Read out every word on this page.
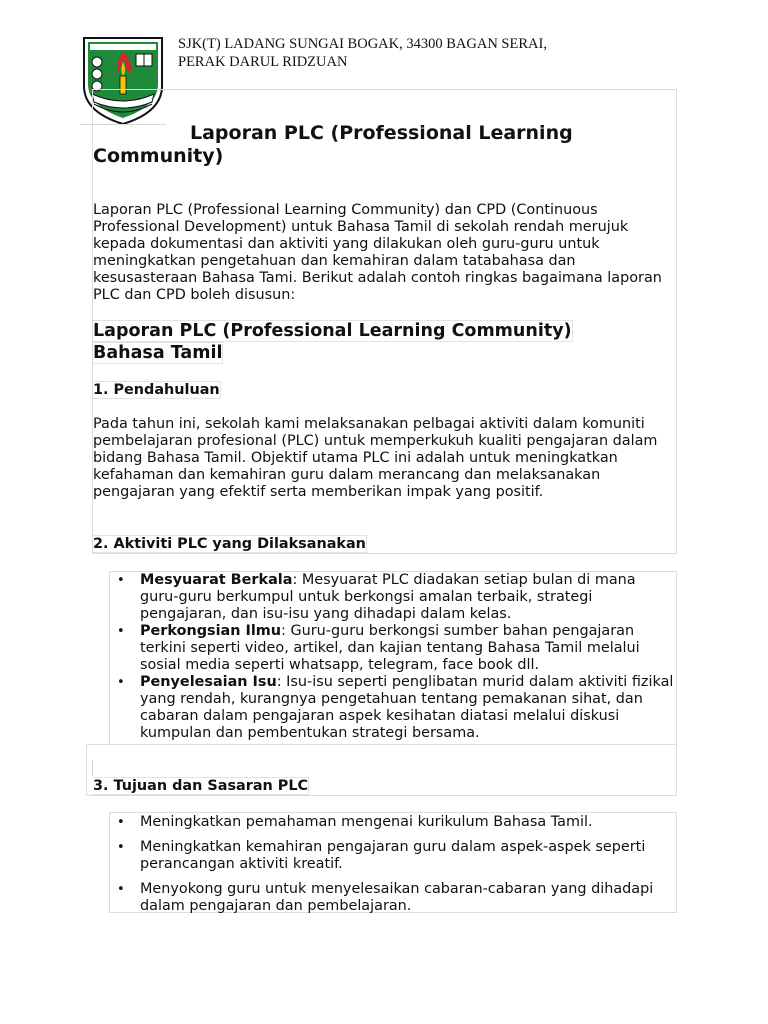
SJK(T) LADANG SUNGAI BOGAK, 34300 BAGAN SERAI,
PERAK DARUL RIDZUAN
Laporan PLC (Professional Learning Community)
Laporan PLC (Professional Learning Community) dan CPD (Continuous Professional Development) untuk Bahasa Tamil di sekolah rendah merujuk kepada dokumentasi dan aktiviti yang dilakukan oleh guru-guru untuk meningkatkan pengetahuan dan kemahiran dalam tatabahasa dan kesusasteraan Bahasa Tami. Berikut adalah contoh ringkas bagaimana laporan PLC dan CPD boleh disusun:
Laporan PLC (Professional Learning Community)
Bahasa Tamil
1. Pendahuluan
Pada tahun ini, sekolah kami melaksanakan pelbagai aktiviti dalam komuniti pembelajaran profesional (PLC) untuk memperkukuh kualiti pengajaran dalam bidang Bahasa Tamil. Objektif utama PLC ini adalah untuk meningkatkan kefahaman dan kemahiran guru dalam merancang dan melaksanakan pengajaran yang efektif serta memberikan impak yang positif.
2. Aktiviti PLC yang Dilaksanakan
• Mesyuarat Berkala: Mesyuarat PLC diadakan setiap bulan di mana guru-guru berkumpul untuk berkongsi amalan terbaik, strategi pengajaran, dan isu-isu yang dihadapi dalam kelas.
• Perkongsian Ilmu: Guru-guru berkongsi sumber bahan pengajaran terkini seperti video, artikel, dan kajian tentang Bahasa Tamil melalui sosial media seperti whatsapp, telegram, face book dll.
• Penyelesaian Isu: Isu-isu seperti penglibatan murid dalam aktiviti fizikal yang rendah, kurangnya pengetahuan tentang pemakanan sihat, dan cabaran dalam pengajaran aspek kesihatan diatasi melalui diskusi kumpulan dan pembentukan strategi bersama.
3. Tujuan dan Sasaran PLC
• Meningkatkan pemahaman mengenai kurikulum Bahasa Tamil.
• Meningkatkan kemahiran pengajaran guru dalam aspek-aspek seperti perancangan aktiviti kreatif.
• Menyokong guru untuk menyelesaikan cabaran-cabaran yang dihadapi dalam pengajaran dan pembelajaran.
